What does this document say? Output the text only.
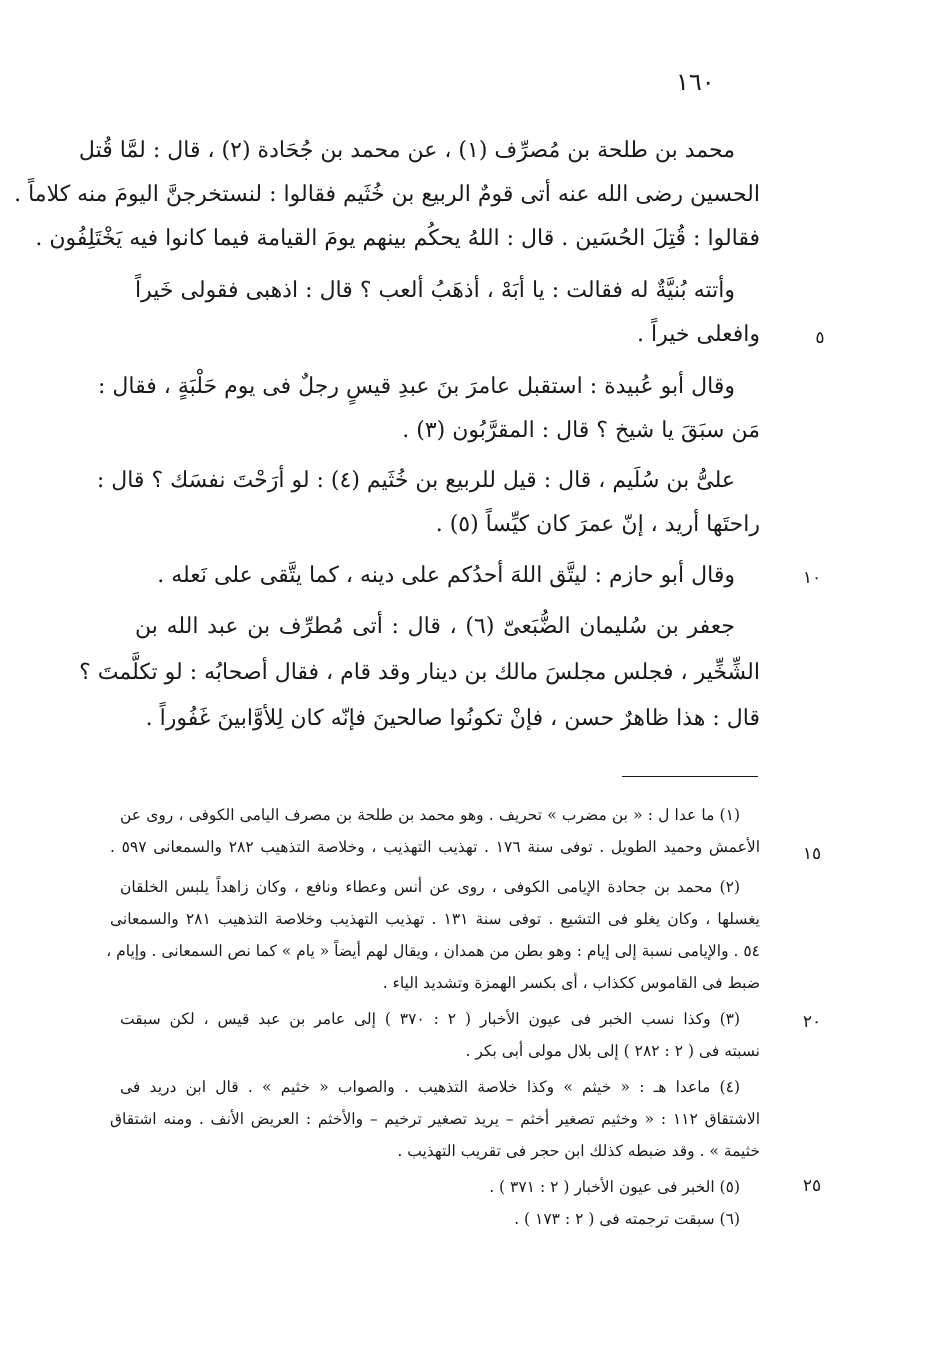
١٦٠
محمد بن طلحة بن مُصرِّف (١) ، عن محمد بن جُحَادة (٢) ، قال : لمَّا قُتل
الحسين رضى الله عنه أتى قومٌ الربيع بن خُثَيم فقالوا : لنستخرجنَّ اليومَ منه كلاماً .
فقالوا : قُتِلَ الحُسَين . قال : اللهُ يحكُم بينهم يومَ القيامة فيما كانوا فيه يَخْتَلِفُون .
وأتته بُنيَّةٌ له فقالت : يا أبَهْ ، أذهَبُ ألعب ؟ قال : اذهبى فقولى خَيراً
وافعلى خيراً .
وقال أبو عُبيدة : استقبل عامرَ بنَ عبدِ قيسٍ رجلٌ فى يوم حَلْبَةٍ ، فقال :
مَن سبَقَ يا شيخ ؟ قال : المقرَّبُون (٣) .
علىُّ بن سُلَيم ، قال : قيل للربيع بن خُثَيم (٤) : لو أرَحْتَ نفسَك ؟ قال :
راحتَها أريد ، إنّ عمرَ كان كيِّساً (٥) .
وقال أبو حازم : ليتَّق اللهَ أحدُكم على دينه ، كما يتَّقى على نَعله .
جعفر بن سُليمان الضُّبَعىّ (٦) ، قال : أتى مُطرِّف بن عبد الله بن
الشِّخِّير ، فجلس مجلسَ مالك بن دينار وقد قام ، فقال أصحابُه : لو تكلَّمتَ ؟
قال : هذا ظاهرٌ حسن ، فإنْ تكونُوا صالحينَ فإنّه كان لِلأوَّابينَ غَفُوراً .
(١) ما عدا ل : « بن مضرب » تحريف . وهو محمد بن طلحة بن مصرف اليامى الكوفى ، روى عن
الأعمش وحميد الطويل . توفى سنة ١٧٦ . تهذيب التهذيب ، وخلاصة التذهيب ٢٨٢ والسمعانى ٥٩٧ .
(٢) محمد بن جحادة الإيامى الكوفى ، روى عن أنس وعطاء ونافع ، وكان زاهداً يلبس الخلقان
يغسلها ، وكان يغلو فى التشيع . توفى سنة ١٣١ . تهذيب التهذيب وخلاصة التذهيب ٢٨١ والسمعانى
٥٤ . والإيامى نسبة إلى إيام : وهو بطن من همدان ، ويقال لهم أيضاً « يام » كما نص السمعانى . وإيام ،
ضبط فى القاموس ككذاب ، أى بكسر الهمزة وتشديد الياء .
(٣) وكذا نسب الخبر فى عيون الأخبار ( ٢ : ٣٧٠ ) إلى عامر بن عبد قيس ، لكن سبقت
نسبته فى ( ٢ : ٢٨٢ ) إلى بلال مولى أبى بكر .
(٤) ماعدا هـ : « خيثم » وكذا خلاصة التذهيب . والصواب « خثيم » . قال ابن دريد فى
الاشتقاق ١١٢ : « وخثيم تصغير أخثم – يريد تصغير ترخيم – والأخثم : العريض الأنف . ومنه اشتقاق
خثيمة » . وقد ضبطه كذلك ابن حجر فى تقريب التهذيب .
(٥) الخبر فى عيون الأخبار ( ٢ : ٣٧١ ) .
(٦) سبقت ترجمته فى ( ٢ : ١٧٣ ) .
٥
١٠
١٥
٢٠
٢٥
